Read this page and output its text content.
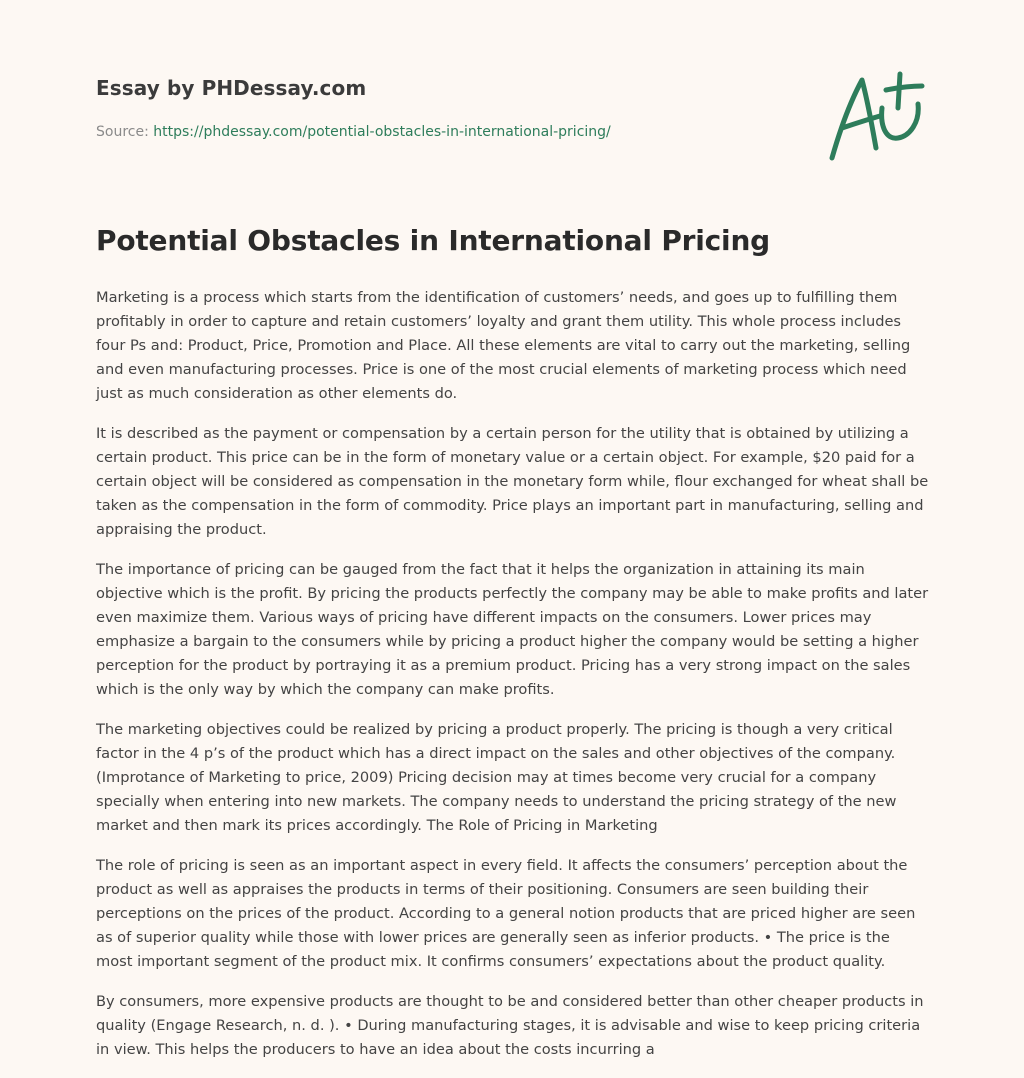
Essay by PHDessay.com
Source: https://phdessay.com/potential-obstacles-in-international-pricing/
Potential Obstacles in International Pricing

Marketing is a process which starts from the identification of customers’ needs, and goes up to fulfilling them profitably in order to capture and retain customers’ loyalty and grant them utility. This whole process includes four Ps and: Product, Price, Promotion and Place. All these elements are vital to carry out the marketing, selling and even manufacturing processes. Price is one of the most crucial elements of marketing process which need just as much consideration as other elements do.

It is described as the payment or compensation by a certain person for the utility that is obtained by utilizing a certain product. This price can be in the form of monetary value or a certain object. For example, $20 paid for a certain object will be considered as compensation in the monetary form while, flour exchanged for wheat shall be taken as the compensation in the form of commodity. Price plays an important part in manufacturing, selling and appraising the product.

The importance of pricing can be gauged from the fact that it helps the organization in attaining its main objective which is the profit. By pricing the products perfectly the company may be able to make profits and later even maximize them. Various ways of pricing have different impacts on the consumers. Lower prices may emphasize a bargain to the consumers while by pricing a product higher the company would be setting a higher perception for the product by portraying it as a premium product. Pricing has a very strong impact on the sales which is the only way by which the company can make profits.

The marketing objectives could be realized by pricing a product properly. The pricing is though a very critical factor in the 4 p’s of the product which has a direct impact on the sales and other objectives of the company. (Improtance of Marketing to price, 2009) Pricing decision may at times become very crucial for a company specially when entering into new markets. The company needs to understand the pricing strategy of the new market and then mark its prices accordingly. The Role of Pricing in Marketing

The role of pricing is seen as an important aspect in every field. It affects the consumers’ perception about the product as well as appraises the products in terms of their positioning. Consumers are seen building their perceptions on the prices of the product. According to a general notion products that are priced higher are seen as of superior quality while those with lower prices are generally seen as inferior products. • The price is the most important segment of the product mix. It confirms consumers’ expectations about the product quality.

By consumers, more expensive products are thought to be and considered better than other cheaper products in quality (Engage Research, n. d. ). • During manufacturing stages, it is advisable and wise to keep pricing criteria in view. This helps the producers to have an idea about the costs incurring a
